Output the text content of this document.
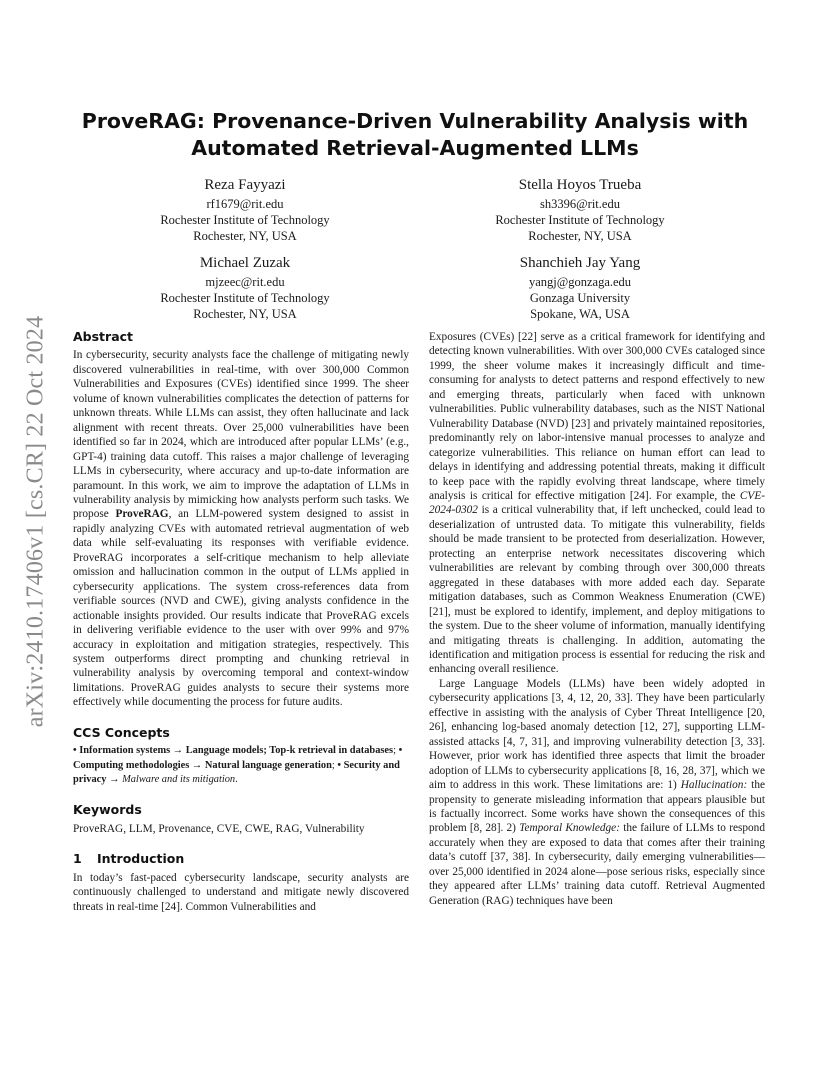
arXiv:2410.17406v1 [cs.CR] 22 Oct 2024
ProveRAG: Provenance-Driven Vulnerability Analysis with
Automated Retrieval-Augmented LLMs
Reza Fayyazi
rf1679@rit.edu
Rochester Institute of Technology
Rochester, NY, USA
Stella Hoyos Trueba
sh3396@rit.edu
Rochester Institute of Technology
Rochester, NY, USA
Michael Zuzak
mjzeec@rit.edu
Rochester Institute of Technology
Rochester, NY, USA
Shanchieh Jay Yang
yangj@gonzaga.edu
Gonzaga University
Spokane, WA, USA
Abstract

In cybersecurity, security analysts face the challenge of mitigating newly discovered vulnerabilities in real-time, with over 300,000 Common Vulnerabilities and Exposures (CVEs) identified since 1999. The sheer volume of known vulnerabilities complicates the detection of patterns for unknown threats. While LLMs can assist, they often hallucinate and lack alignment with recent threats. Over 25,000 vulnerabilities have been identified so far in 2024, which are introduced after popular LLMs’ (e.g., GPT-4) training data cutoff. This raises a major challenge of leveraging LLMs in cybersecurity, where accuracy and up-to-date information are paramount. In this work, we aim to improve the adaptation of LLMs in vulnerability analysis by mimicking how analysts perform such tasks. We propose ProveRAG, an LLM-powered system designed to assist in rapidly analyzing CVEs with automated retrieval augmentation of web data while self-evaluating its responses with verifiable evidence. ProveRAG incorporates a self-critique mechanism to help alleviate omission and hallucination common in the output of LLMs applied in cybersecurity applications. The system cross-references data from verifiable sources (NVD and CWE), giving analysts confidence in the actionable insights provided. Our results indicate that ProveRAG excels in delivering verifiable evidence to the user with over 99% and 97% accuracy in exploitation and mitigation strategies, respectively. This system outperforms direct prompting and chunking retrieval in vulnerability analysis by overcoming temporal and context-window limitations. ProveRAG guides analysts to secure their systems more effectively while documenting the process for future audits.

CCS Concepts

• Information systems → Language models; Top-k retrieval in databases; • Computing methodologies → Natural language generation; • Security and privacy → Malware and its mitigation.

Keywords

ProveRAG, LLM, Provenance, CVE, CWE, RAG, Vulnerability

1 Introduction

In today’s fast-paced cybersecurity landscape, security analysts are continuously challenged to understand and mitigate newly discovered threats in real-time [24]. Common Vulnerabilities and

Exposures (CVEs) [22] serve as a critical framework for identifying and detecting known vulnerabilities. With over 300,000 CVEs cataloged since 1999, the sheer volume makes it increasingly difficult and time-consuming for analysts to detect patterns and respond effectively to new and emerging threats, particularly when faced with unknown vulnerabilities. Public vulnerability databases, such as the NIST National Vulnerability Database (NVD) [23] and privately maintained repositories, predominantly rely on labor-intensive manual processes to analyze and categorize vulnerabilities. This reliance on human effort can lead to delays in identifying and addressing potential threats, making it difficult to keep pace with the rapidly evolving threat landscape, where timely analysis is critical for effective mitigation [24]. For example, the CVE-2024-0302 is a critical vulnerability that, if left unchecked, could lead to deserialization of untrusted data. To mitigate this vulnerability, fields should be made transient to be protected from deserialization. However, protecting an enterprise network necessitates discovering which vulnerabilities are relevant by combing through over 300,000 threats aggregated in these databases with more added each day. Separate mitigation databases, such as Common Weakness Enumeration (CWE) [21], must be explored to identify, implement, and deploy mitigations to the system. Due to the sheer volume of information, manually identifying and mitigating threats is challenging. In addition, automating the identification and mitigation process is essential for reducing the risk and enhancing overall resilience.

Large Language Models (LLMs) have been widely adopted in cybersecurity applications [3, 4, 12, 20, 33]. They have been particularly effective in assisting with the analysis of Cyber Threat Intelligence [20, 26], enhancing log-based anomaly detection [12, 27], supporting LLM-assisted attacks [4, 7, 31], and improving vulnerability detection [3, 33]. However, prior work has identified three aspects that limit the broader adoption of LLMs to cybersecurity applications [8, 16, 28, 37], which we aim to address in this work. These limitations are: 1) Hallucination: the propensity to generate misleading information that appears plausible but is factually incorrect. Some works have shown the consequences of this problem [8, 28]. 2) Temporal Knowledge: the failure of LLMs to respond accurately when they are exposed to data that comes after their training data’s cutoff [37, 38]. In cybersecurity, daily emerging vulnerabilities—over 25,000 identified in 2024 alone—pose serious risks, especially since they appeared after LLMs’ training data cutoff. Retrieval Augmented Generation (RAG) techniques have been
